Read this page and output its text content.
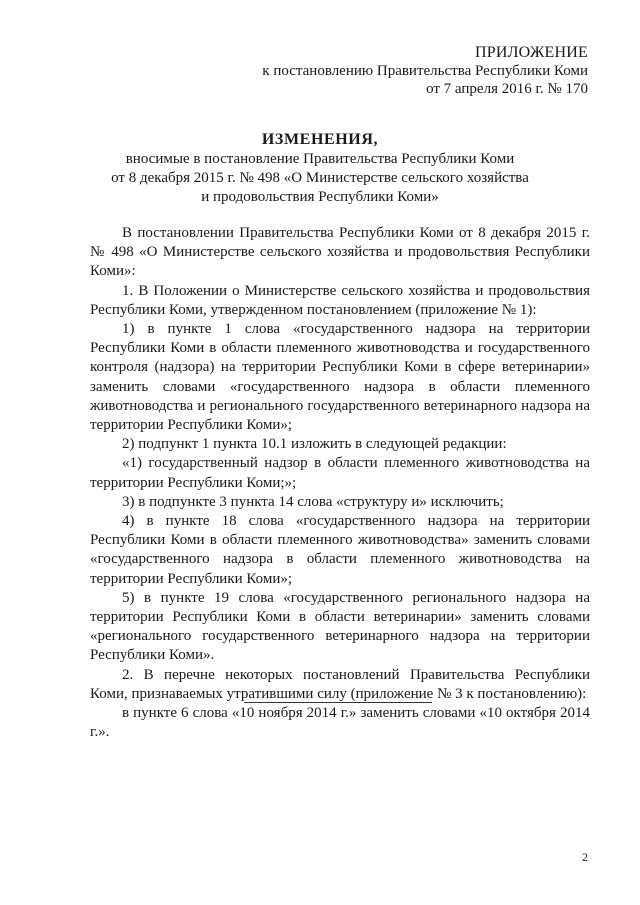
ПРИЛОЖЕНИЕ
к постановлению Правительства Республики Коми
от 7 апреля 2016 г. № 170
ИЗМЕНЕНИЯ,
вносимые в постановление Правительства Республики Коми
от 8 декабря 2015 г. № 498 «О Министерстве сельского хозяйства
и продовольствия Республики Коми»

В постановлении Правительства Республики Коми от 8 декабря 2015 г. № 498 «О Министерстве сельского хозяйства и продовольствия Республики Коми»:

1. В Положении о Министерстве сельского хозяйства и продовольствия Республики Коми, утвержденном постановлением (приложение № 1):

1) в пункте 1 слова «государственного надзора на территории Республики Коми в области племенного животноводства и государственного контроля (надзора) на территории Республики Коми в сфере ветеринарии» заменить словами «государственного надзора в области племенного животноводства и регионального государственного ветеринарного надзора на территории Республики Коми»;

2) подпункт 1 пункта 10.1 изложить в следующей редакции:

«1) государственный надзор в области племенного животноводства на территории Республики Коми;»;

3) в подпункте 3 пункта 14 слова «структуру и» исключить;

4) в пункте 18 слова «государственного надзора на территории Республики Коми в области племенного животноводства» заменить словами «государственного надзора в области племенного животноводства на территории Республики Коми»;

5) в пункте 19 слова «государственного регионального надзора на территории Республики Коми в области ветеринарии» заменить словами «регионального государственного ветеринарного надзора на территории Республики Коми».

2. В перечне некоторых постановлений Правительства Республики Коми, признаваемых утратившими силу (приложение № 3 к постановлению):

в пункте 6 слова «10 ноября 2014 г.» заменить словами «10 октября 2014 г.».

2
